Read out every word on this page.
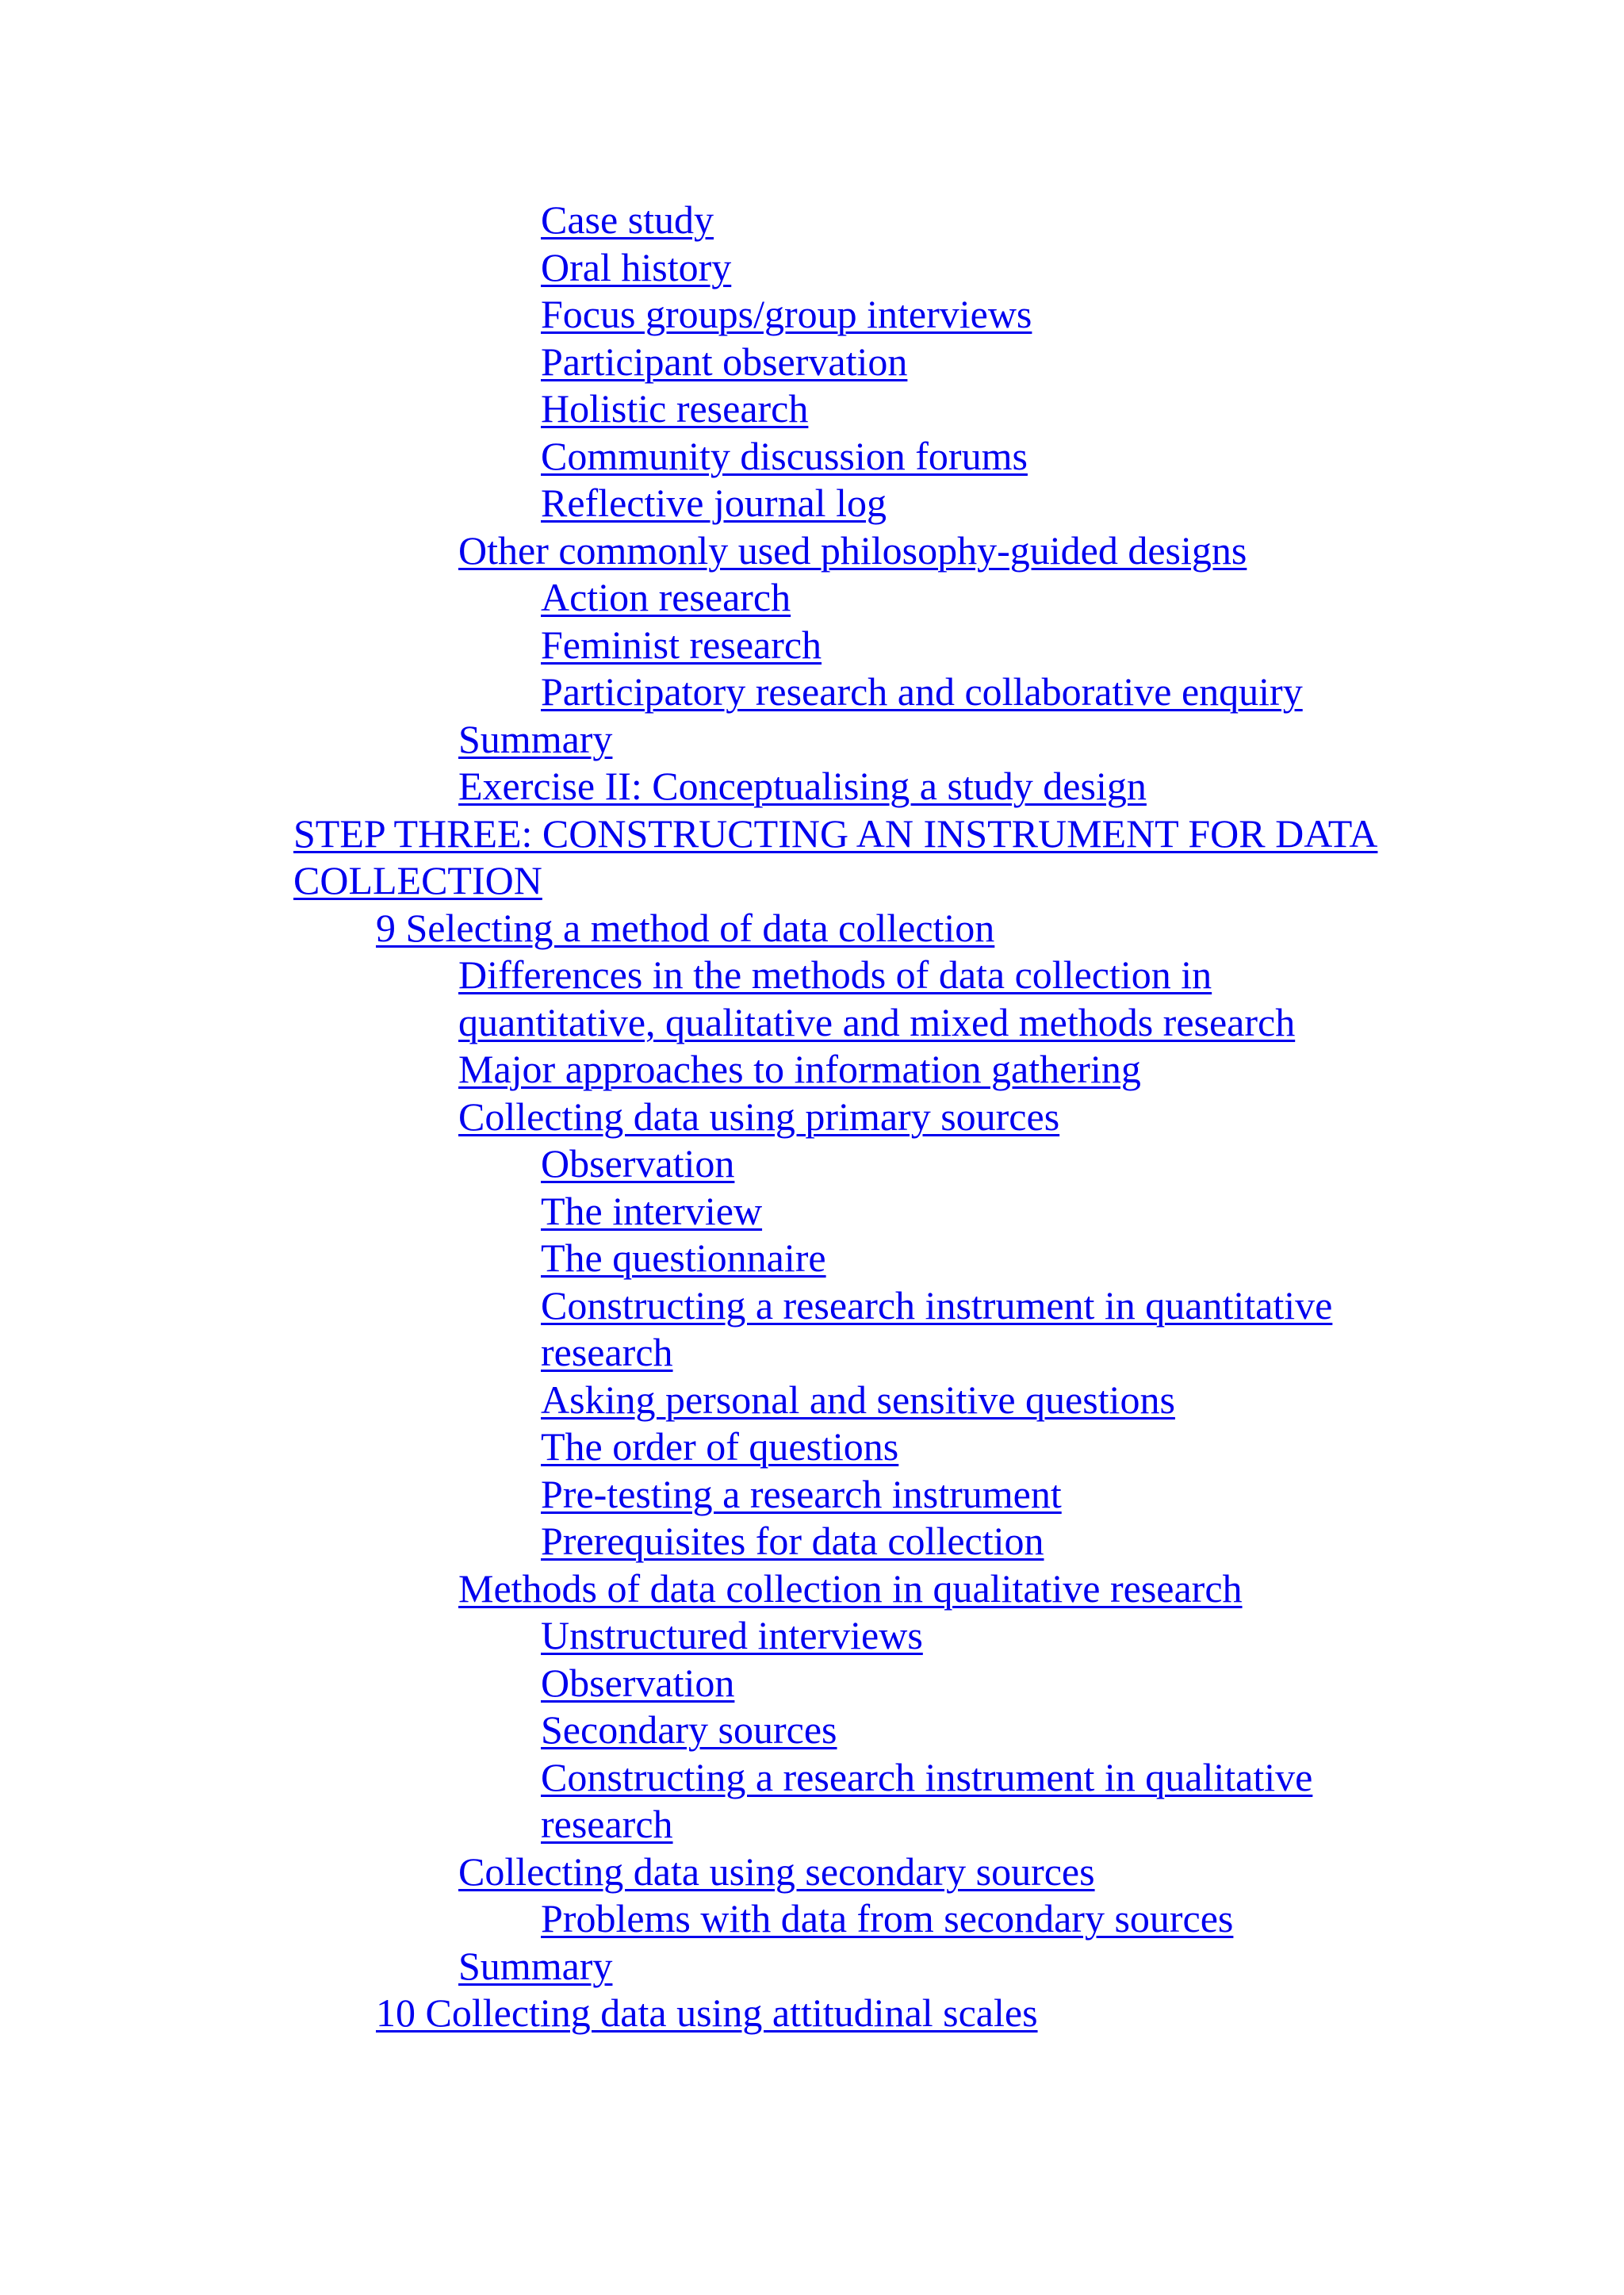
Case study
Oral history
Focus groups/group interviews
Participant observation
Holistic research
Community discussion forums
Reflective journal log
Other commonly used philosophy-guided designs
Action research
Feminist research
Participatory research and collaborative enquiry
Summary
Exercise II: Conceptualising a study design
STEP THREE: CONSTRUCTING AN INSTRUMENT FOR DATA
COLLECTION
9 Selecting a method of data collection
Differences in the methods of data collection in
quantitative, qualitative and mixed methods research
Major approaches to information gathering
Collecting data using primary sources
Observation
The interview
The questionnaire
Constructing a research instrument in quantitative
research
Asking personal and sensitive questions
The order of questions
Pre-testing a research instrument
Prerequisites for data collection
Methods of data collection in qualitative research
Unstructured interviews
Observation
Secondary sources
Constructing a research instrument in qualitative
research
Collecting data using secondary sources
Problems with data from secondary sources
Summary
10 Collecting data using attitudinal scales
